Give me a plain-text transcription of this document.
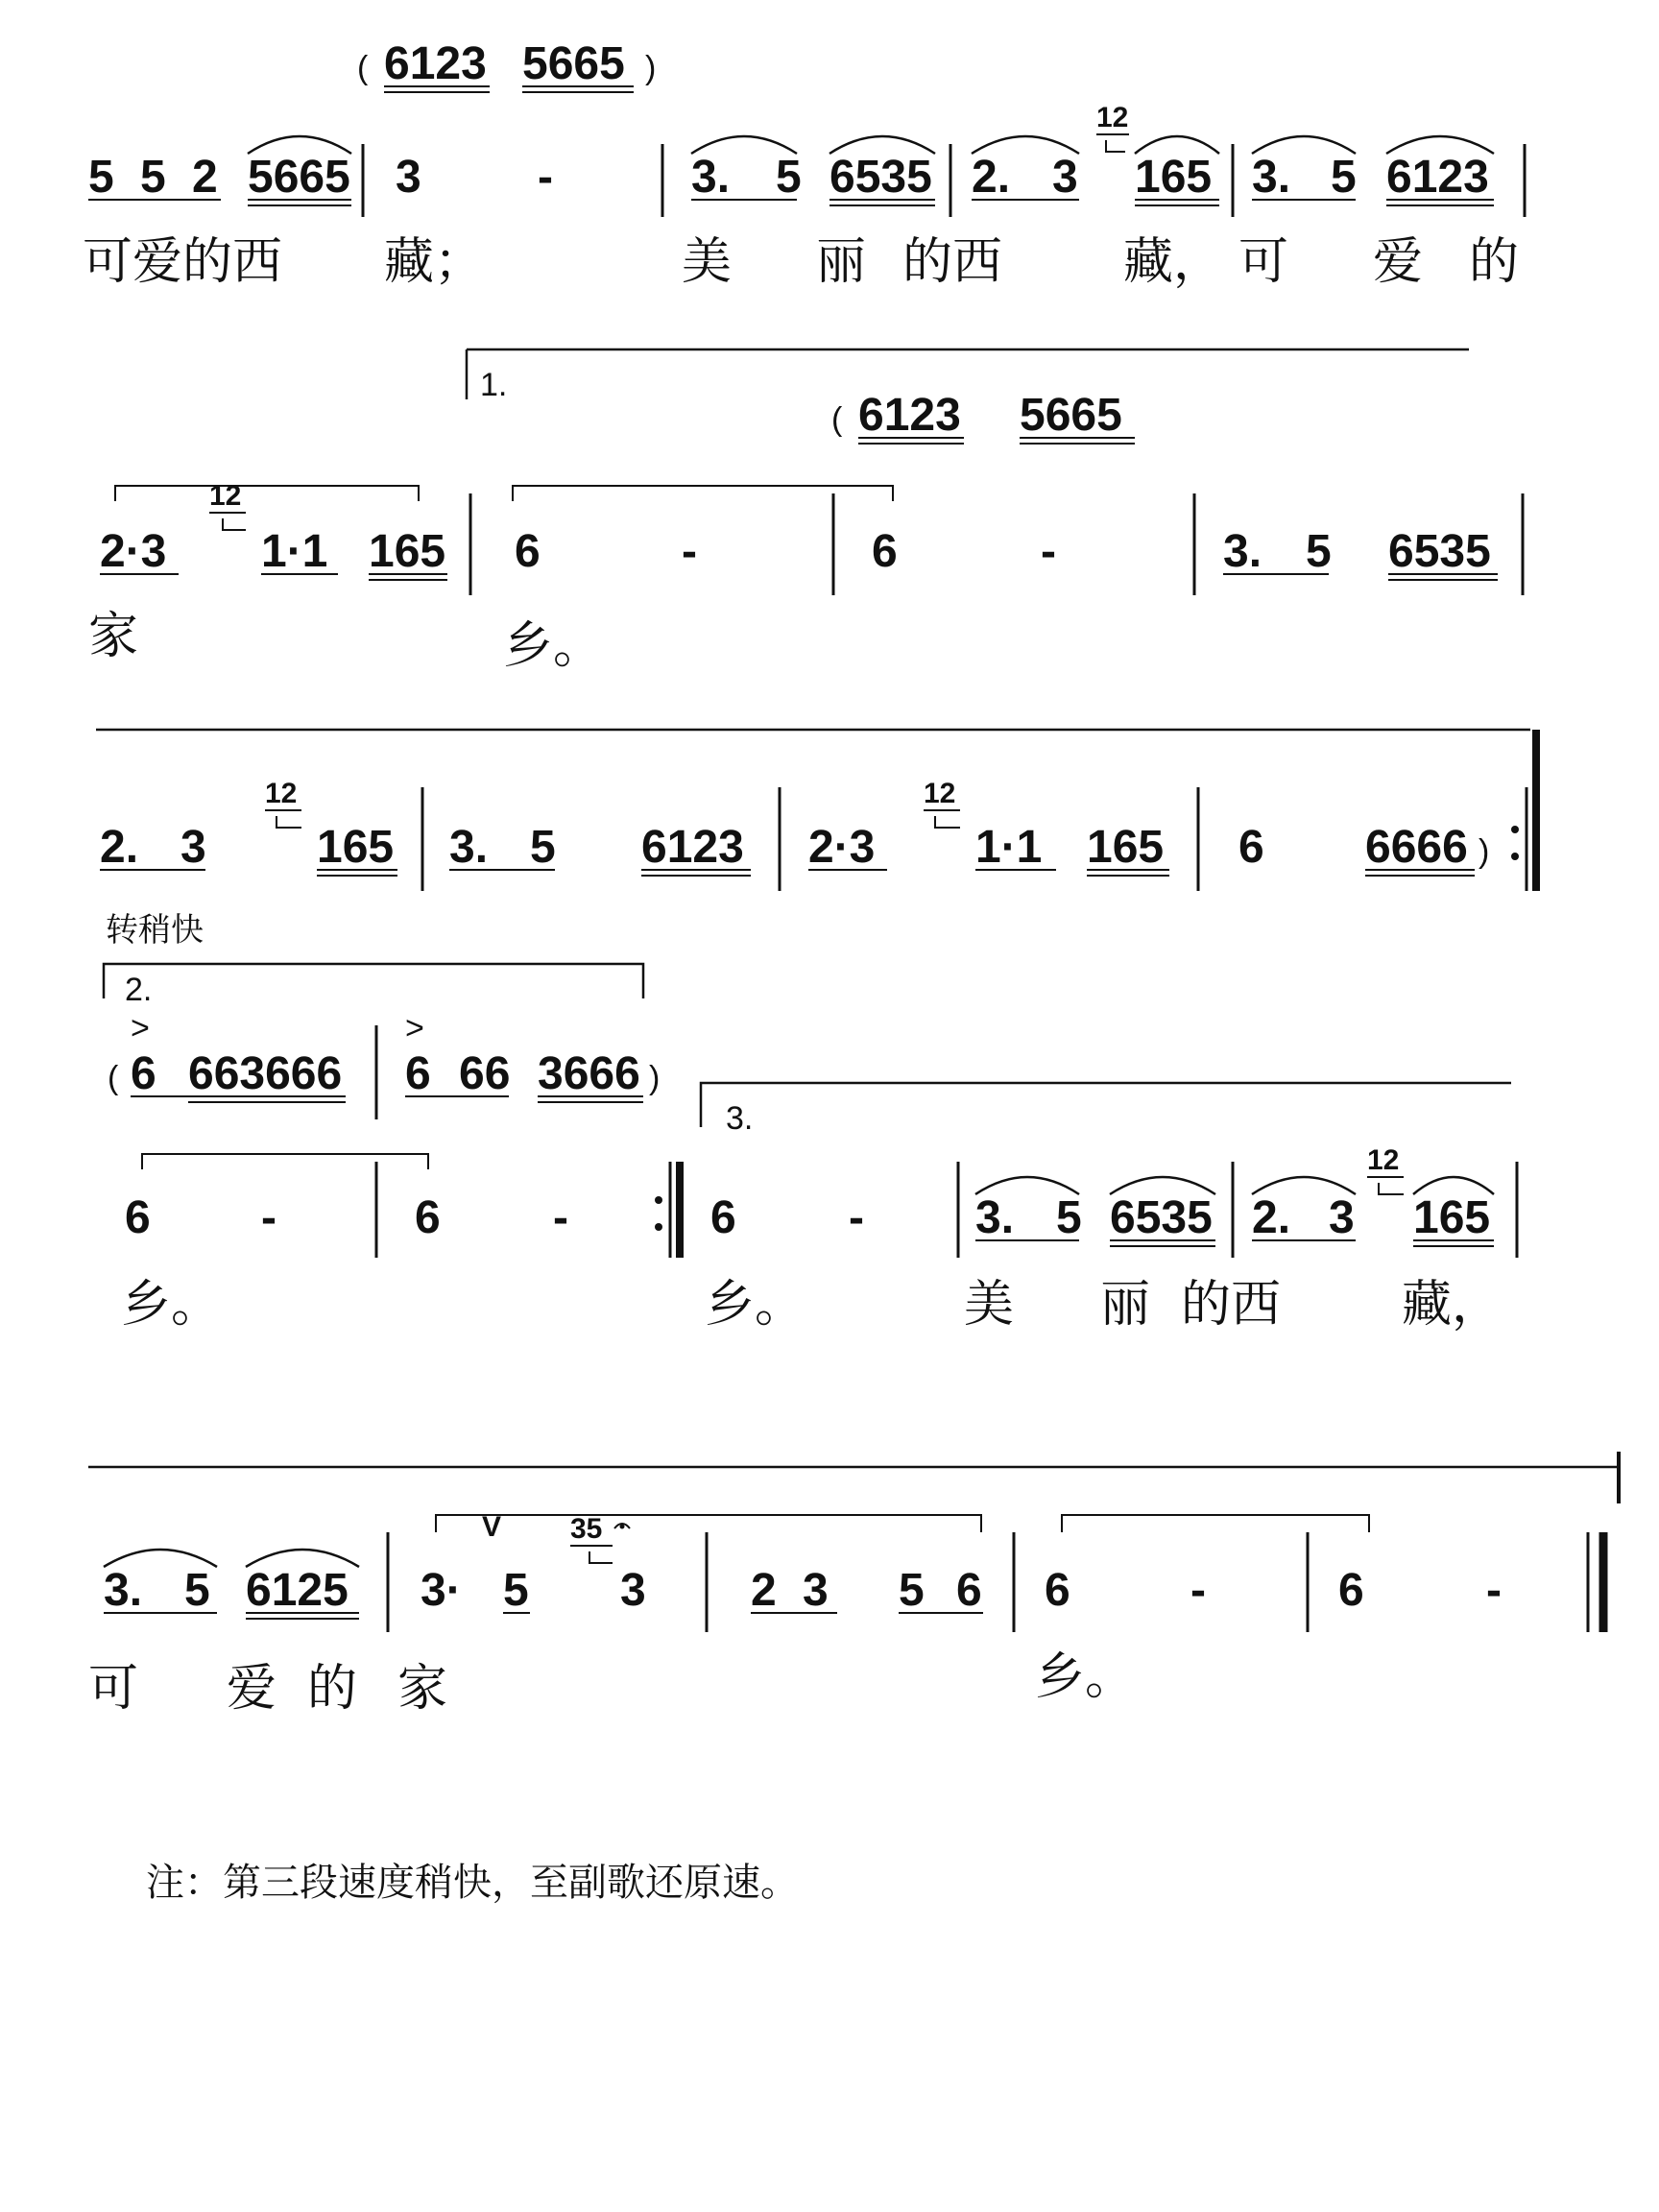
( 6123 5665 )
5 5 2 5665 3	-	3. 5 6535 2. 3
12
165 3. 5 6123
可爱的西 藏；	美 丽 的西 藏， 可 爱 的
1.
( 6123 5665
2·3
12
1·1 165 6	-	6	-	3. 5 6535
家	乡。
2. 3
12
165 3. 5 6123 2·3
12
1·1 165 6 6666 )
转稍快
2.
>
( 6 663666
>
6 66 3666 )
3.
6 -	6 -	6 - 3. 5 6535 2. 3
12
165
乡。	乡。	美 丽 的西 藏，
3. 5 6125
V
3· 5
35
3 2 3 5 6 6	-	6	-
可 爱 的 家	乡。
注：第三段速度稍快，至副歌还原速。
